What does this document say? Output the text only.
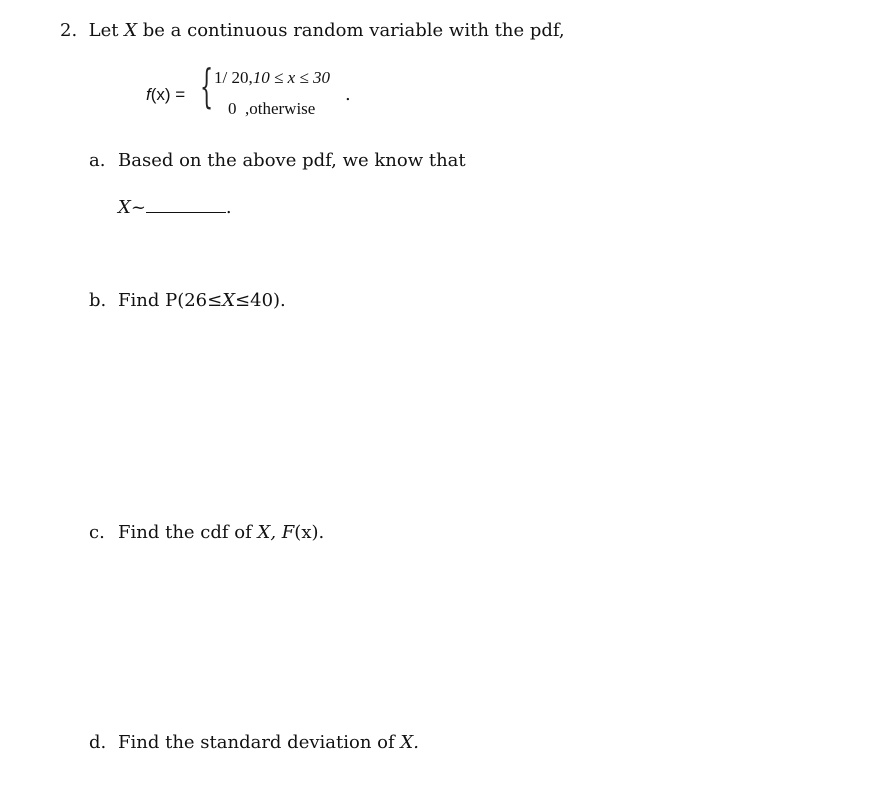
2. Let X be a continuous random variable with the pdf,
f(x) = { 1/ 20,10 ≤ x ≤ 30
0 ,otherwise
.
a. Based on the above pdf, we know that
X~	.
b. Find P(26≤X≤40).
c. Find the cdf of X, F(x).
d. Find the standard deviation of X.
